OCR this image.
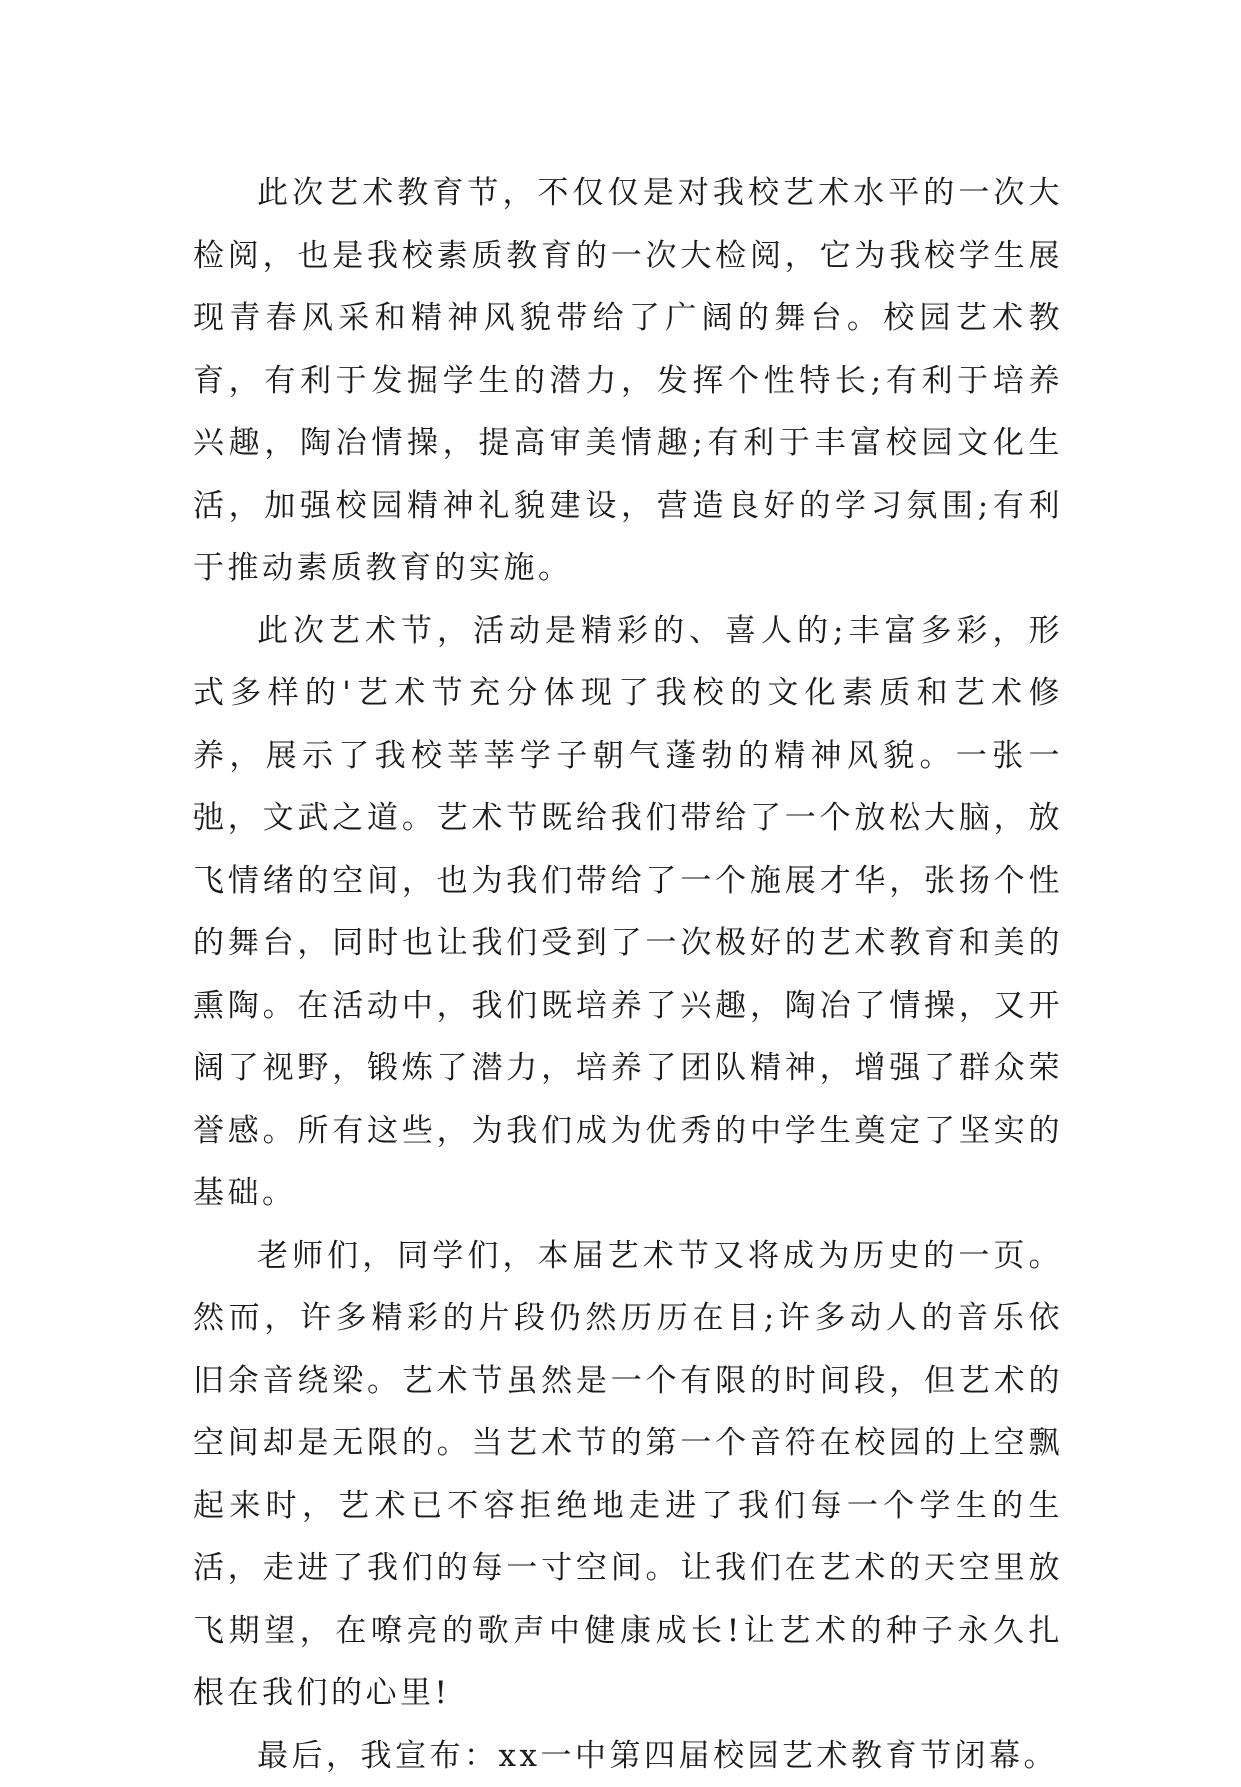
此次艺术教育节，不仅仅是对我校艺术水平的一次大检阅，也是我校素质教育的一次大检阅，它为我校学生展现青春风采和精神风貌带给了广阔的舞台。校园艺术教育，有利于发掘学生的潜力，发挥个性特长;有利于培养兴趣，陶冶情操，提高审美情趣;有利于丰富校园文化生活，加强校园精神礼貌建设，营造良好的学习氛围;有利于推动素质教育的实施。

此次艺术节，活动是精彩的、喜人的;丰富多彩，形式多样的'艺术节充分体现了我校的文化素质和艺术修养，展示了我校莘莘学子朝气蓬勃的精神风貌。一张一弛，文武之道。艺术节既给我们带给了一个放松大脑，放飞情绪的空间，也为我们带给了一个施展才华，张扬个性的舞台，同时也让我们受到了一次极好的艺术教育和美的熏陶。在活动中，我们既培养了兴趣，陶冶了情操，又开阔了视野，锻炼了潜力，培养了团队精神，增强了群众荣誉感。所有这些，为我们成为优秀的中学生奠定了坚实的基础。

老师们，同学们，本届艺术节又将成为历史的一页。然而，许多精彩的片段仍然历历在目;许多动人的音乐依旧余音绕梁。艺术节虽然是一个有限的时间段，但艺术的空间却是无限的。当艺术节的第一个音符在校园的上空飘起来时，艺术已不容拒绝地走进了我们每一个学生的生活，走进了我们的每一寸空间。让我们在艺术的天空里放飞期望，在嘹亮的歌声中健康成长!让艺术的种子永久扎根在我们的心里!

最后，我宣布：xx一中第四届校园艺术教育节闭幕。
